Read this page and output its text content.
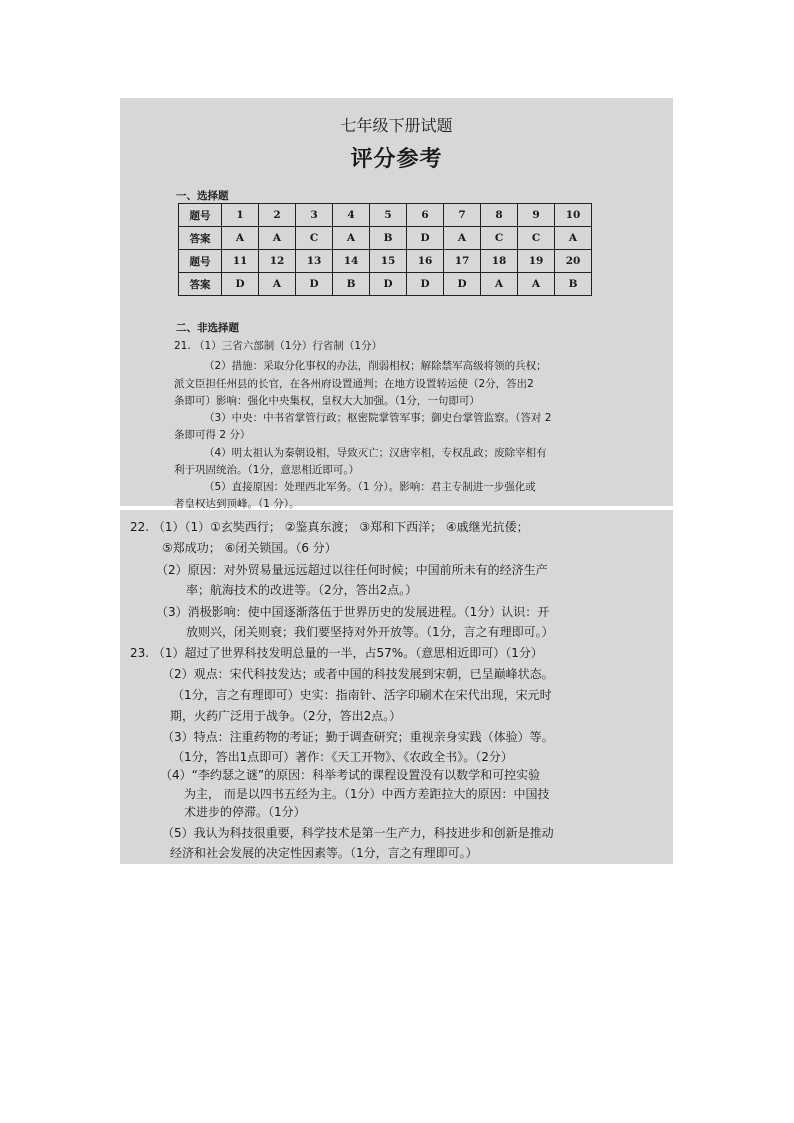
七年级下册试题
评分参考
一、选择题
题号	1	2	3	4	5	6	7	8	9	10
答案	A	A	C	A	B	D	A	C	C	A
题号	11	12	13	14	15	16	17	18	19	20
答案	D	A	D	B	D	D	D	A	A	B
二、非选择题
21. （1）三省六部制（1分）行省制（1分）
（2）措施：采取分化事权的办法，削弱相权；解除禁军高级将领的兵权；
派文臣担任州县的长官，在各州府设置通判；在地方设置转运使（2分，答出2
条即可）影响：强化中央集权，皇权大大加强。（1分，一句即可）
（3）中央：中书省掌管行政；枢密院掌管军事；御史台掌管监察。（答对 2
条即可得 2 分）
（4）明太祖认为秦朝设相，导致灭亡；汉唐宰相，专权乱政；废除宰相有
利于巩固统治。（1分，意思相近即可。）
（5）直接原因：处理西北军务。（1 分）。影响：君主专制进一步强化或
者皇权达到顶峰。（1 分）。
22. （1）（1）①玄奘西行； ②鉴真东渡； ③郑和下西洋； ④戚继光抗倭；
⑤郑成功； ⑥闭关锁国。（6 分）
（2）原因：对外贸易量远远超过以往任何时候；中国前所未有的经济生产
率；航海技术的改进等。（2分，答出2点。）
（3）消极影响：使中国逐渐落伍于世界历史的发展进程。（1分）认识：开
放则兴，闭关则衰；我们要坚持对外开放等。（1分，言之有理即可。）
23. （1）超过了世界科技发明总量的一半，占57%。（意思相近即可）（1分）
（2）观点：宋代科技发达；或者中国的科技发展到宋朝，已呈巅峰状态。
（1分，言之有理即可）史实：指南针、活字印刷术在宋代出现，宋元时
期，火药广泛用于战争。（2分，答出2点。）
（3）特点：注重药物的考证；勤于调查研究；重视亲身实践（体验）等。
（1分，答出1点即可）著作：《天工开物》、《农政全书》。（2分）
（4）“李约瑟之谜”的原因：科举考试的课程设置没有以数学和可控实验
为主， 而是以四书五经为主。（1分）中西方差距拉大的原因：中国技
术进步的停滞。（1分）
（5）我认为科技很重要，科学技术是第一生产力，科技进步和创新是推动
经济和社会发展的决定性因素等。（1分，言之有理即可。）
